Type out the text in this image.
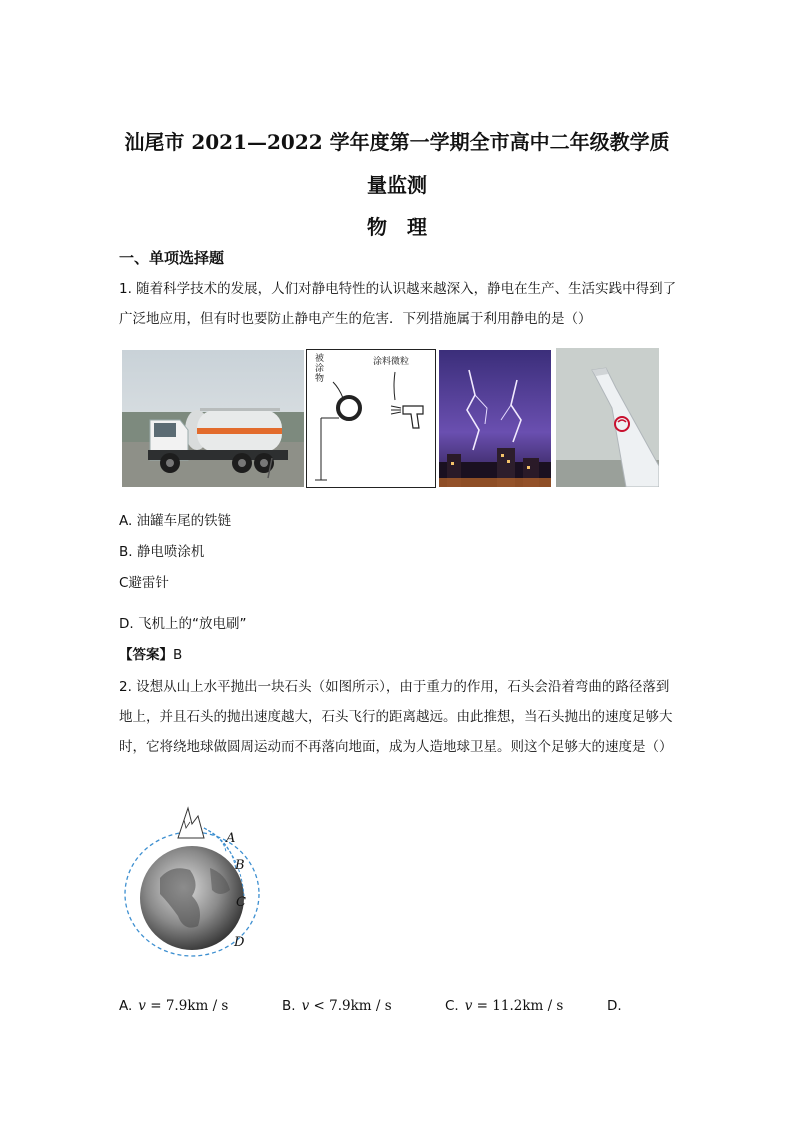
汕尾市 2021—2022 学年度第一学期全市高中二年级教学质
量监测
物　理
一、单项选择题
1. 随着科学技术的发展，人们对静电特性的认识越来越深入，静电在生产、生活实践中得到了广泛地应用，但有时也要防止静电产生的危害．下列措施属于利用静电的是（）
被涂物
涂料微粒
A. 油罐车尾的铁链
B. 静电喷涂机
C避雷针
D. 飞机上的“放电刷”
【答案】B
2. 设想从山上水平抛出一块石头（如图所示），由于重力的作用，石头会沿着弯曲的路径落到地上，并且石头的抛出速度越大，石头飞行的距离越远。由此推想，当石头抛出的速度足够大时，它将绕地球做圆周运动而不再落向地面，成为人造地球卫星。则这个足够大的速度是（）
A
B
C
D
A. v = 7.9km / s	B. v < 7.9km / s	C. v = 11.2km / s	D.
